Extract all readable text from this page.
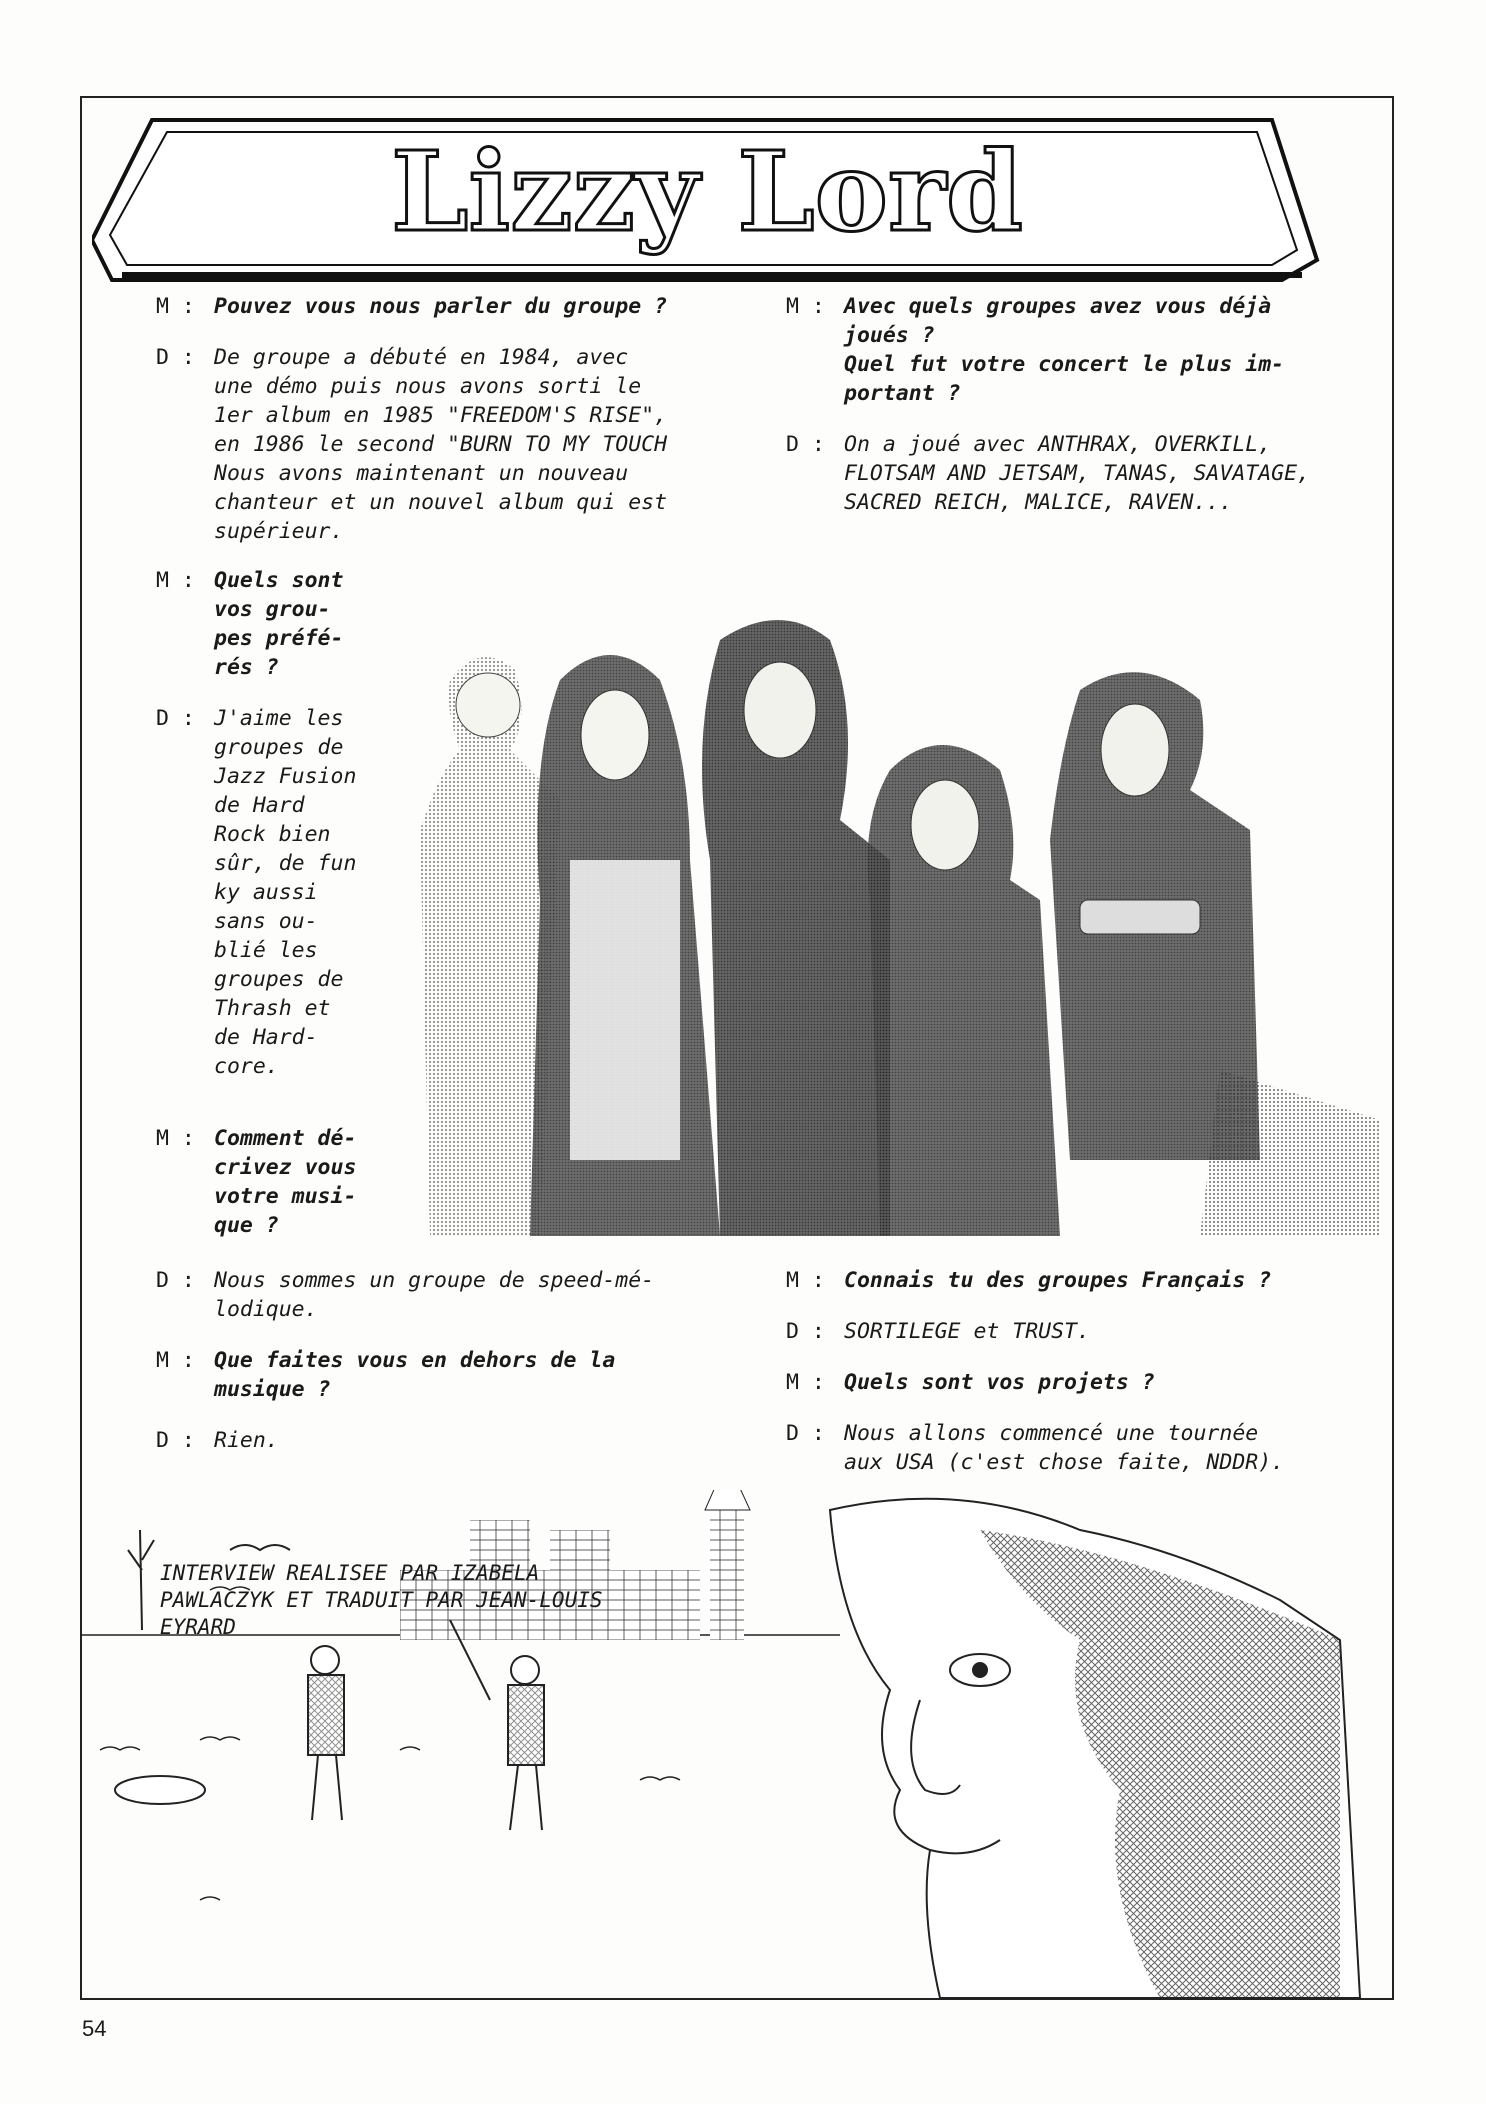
Lizzy Lord
M : Avec quels groupes avez vous déjà
joués ?
Quel fut votre concert le plus im-
portant ?
D : On a joué avec ANTHRAX, OVERKILL,
FLOTSAM AND JETSAM, TANAS, SAVATAGE,
SACRED REICH, MALICE, RAVEN...
M : Pouvez vous nous parler du groupe ?
D : De groupe a débuté en 1984, avec
une démo puis nous avons sorti le
1er album en 1985 "FREEDOM'S RISE",
en 1986 le second "BURN TO MY TOUCH
Nous avons maintenant un nouveau
chanteur et un nouvel album qui est
supérieur.
M : Quels sont
vos grou-
pes préfé-
rés ?
D : J'aime les
groupes de
Jazz Fusion
de Hard
Rock bien
sûr, de fun
ky aussi
sans ou-
blié les
groupes de
Thrash et
de Hard-
core.
M : Comment dé-
crivez vous
votre musi-
que ?
D : Nous sommes un groupe de speed-mé-
lodique.
M : Que faites vous en dehors de la
musique ?
D : Rien.
M : Connais tu des groupes Français ?
D : SORTILEGE et TRUST.
M : Quels sont vos projets ?
D : Nous allons commencé une tournée
aux USA (c'est chose faite, NDDR).
INTERVIEW REALISEE PAR IZABELA
PAWLACZYK ET TRADUIT PAR JEAN-LOUIS
EYRARD
54
